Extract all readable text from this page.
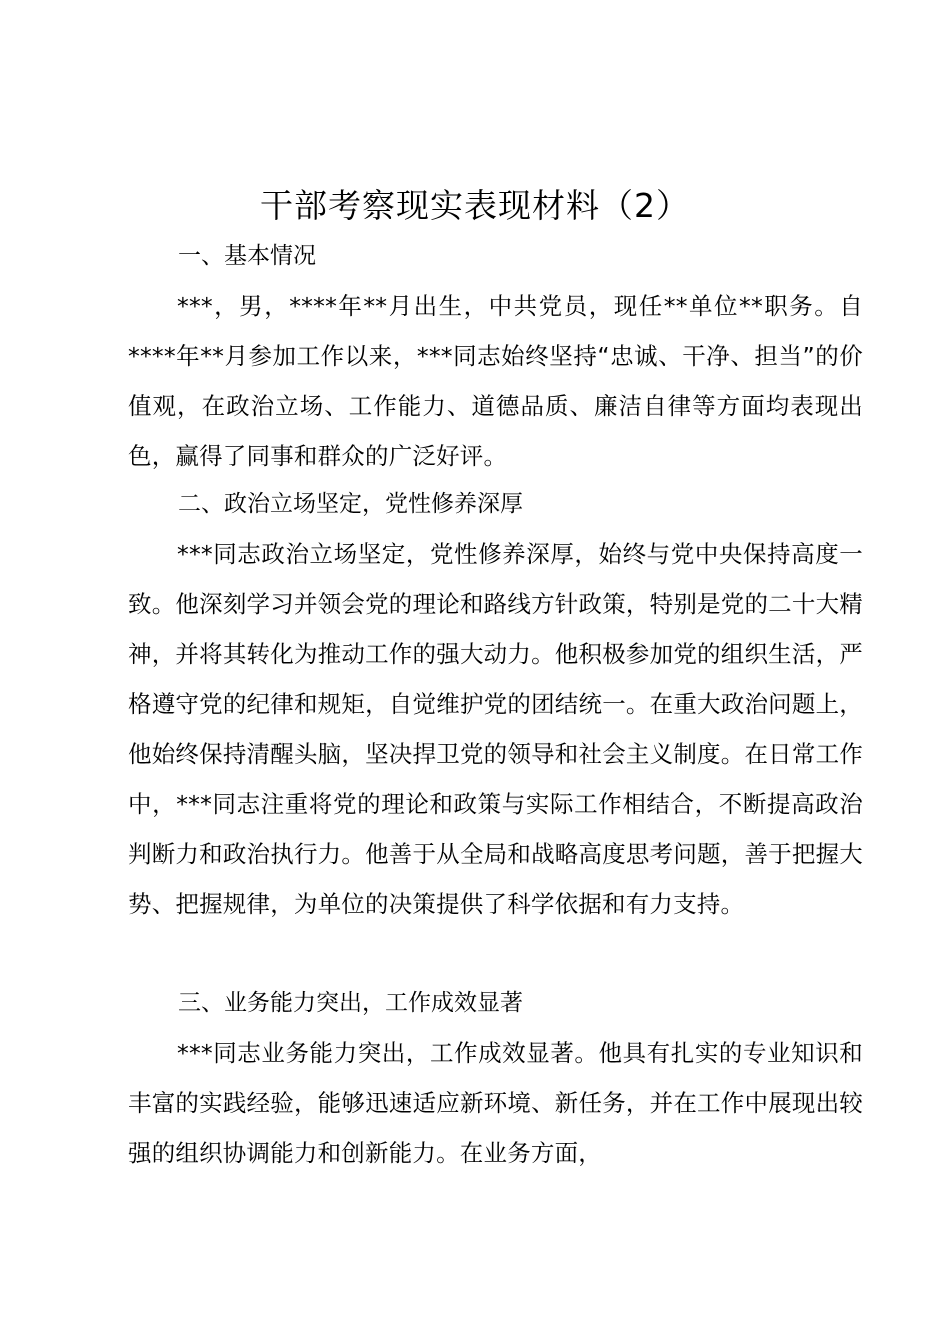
干部考察现实表现材料（2）
一、基本情况

***，男，****年**月出生，中共党员，现任**单位**职务。自****年**月参加工作以来，***同志始终坚持“忠诚、干净、担当”的价值观，在政治立场、工作能力、道德品质、廉洁自律等方面均表现出色，赢得了同事和群众的广泛好评。

二、政治立场坚定，党性修养深厚

***同志政治立场坚定，党性修养深厚，始终与党中央保持高度一致。他深刻学习并领会党的理论和路线方针政策，特别是党的二十大精神，并将其转化为推动工作的强大动力。他积极参加党的组织生活，严格遵守党的纪律和规矩，自觉维护党的团结统一。在重大政治问题上，他始终保持清醒头脑，坚决捍卫党的领导和社会主义制度。在日常工作中，***同志注重将党的理论和政策与实际工作相结合，不断提高政治判断力和政治执行力。他善于从全局和战略高度思考问题，善于把握大势、把握规律，为单位的决策提供了科学依据和有力支持。

三、业务能力突出，工作成效显著

***同志业务能力突出，工作成效显著。他具有扎实的专业知识和丰富的实践经验，能够迅速适应新环境、新任务，并在工作中展现出较强的组织协调能力和创新能力。在业务方面，
